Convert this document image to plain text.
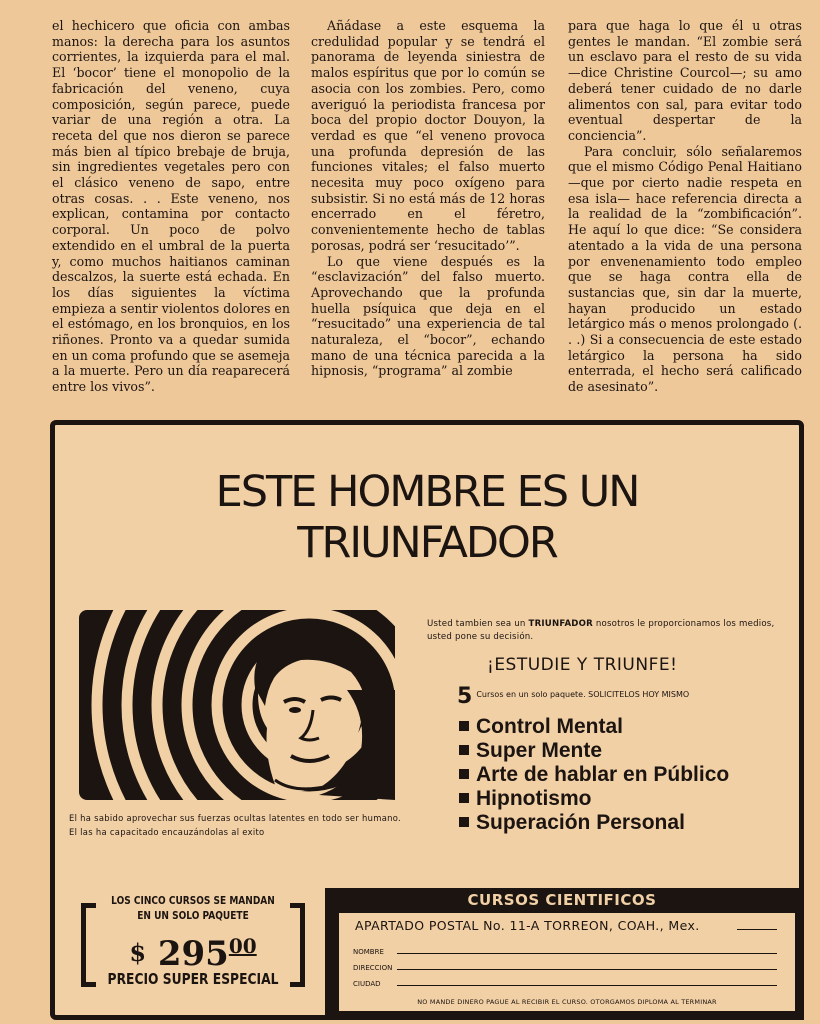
el hechicero que oficia con ambas manos: la derecha para los asuntos corrientes, la izquierda para el mal. El ‘bocor’ tiene el monopolio de la fabricación del veneno, cuya composición, según parece, puede variar de una región a otra. La receta del que nos dieron se parece más bien al típico brebaje de bruja, sin ingredientes vegetales pero con el clásico veneno de sapo, entre otras cosas. . . Este veneno, nos explican, contamina por contacto corporal. Un poco de polvo extendido en el umbral de la puerta y, como muchos haitianos caminan descalzos, la suerte está echada. En los días siguientes la víctima empieza a sentir violentos dolores en el estómago, en los bronquios, en los riñones. Pronto va a quedar sumida en un coma profundo que se asemeja a la muerte. Pero un día reaparecerá entre los vivos”.

Añádase a este esquema la credulidad popular y se tendrá el panorama de leyenda siniestra de malos espíritus que por lo común se asocia con los zombies. Pero, como averiguó la periodista francesa por boca del propio doctor Douyon, la verdad es que “el veneno provoca una profunda depresión de las funciones vitales; el falso muerto necesita muy poco oxígeno para subsistir. Si no está más de 12 horas encerrado en el féretro, convenientemente hecho de tablas porosas, podrá ser ‘resucitado’”.

Lo que viene después es la “esclavización” del falso muerto. Aprovechando que la profunda huella psíquica que deja en el “resucitado” una experiencia de tal naturaleza, el “bocor”, echando mano de una técnica parecida a la hipnosis, “programa” al zombie

para que haga lo que él u otras gentes le mandan. “El zombie será un esclavo para el resto de su vida —dice Christine Courcol—; su amo deberá tener cuidado de no darle alimentos con sal, para evitar todo eventual despertar de la conciencia”.

Para concluir, sólo señalaremos que el mismo Código Penal Haitiano —que por cierto nadie respeta en esa isla— hace referencia directa a la realidad de la “zombificación”. He aquí lo que dice: “Se considera atentado a la vida de una persona por envenenamiento todo empleo que se haga contra ella de sustancias que, sin dar la muerte, hayan producido un estado letárgico más o menos prolongado (. . .) Si a consecuencia de este estado letárgico la persona ha sido enterrada, el hecho será calificado de asesinato”.

ESTE HOMBRE ES UN
TRIUNFADOR
El ha sabido aprovechar sus fuerzas ocultas latentes en todo ser humano. El las ha capacitado encauzándolas al exito
Usted tambien sea un TRIUNFADOR nosotros le proporcionamos los medios, usted pone su decisión.
¡ESTUDIE Y TRIUNFE!
5 Cursos en un solo paquete. SOLICITELOS HOY MISMO
Control Mental
Super Mente
Arte de hablar en Público
Hipnotismo
Superación Personal
LOS CINCO CURSOS SE MANDAN
EN UN SOLO PAQUETE
$ $295^{00}$
PRECIO SUPER ESPECIAL
CURSOS CIENTIFICOS
APARTADO POSTAL No. 11-A TORREON, COAH., Mex.
NOMBRE
DIRECCION
CIUDAD
NO MANDE DINERO PAGUE AL RECIBIR EL CURSO. OTORGAMOS DIPLOMA AL TERMINAR
